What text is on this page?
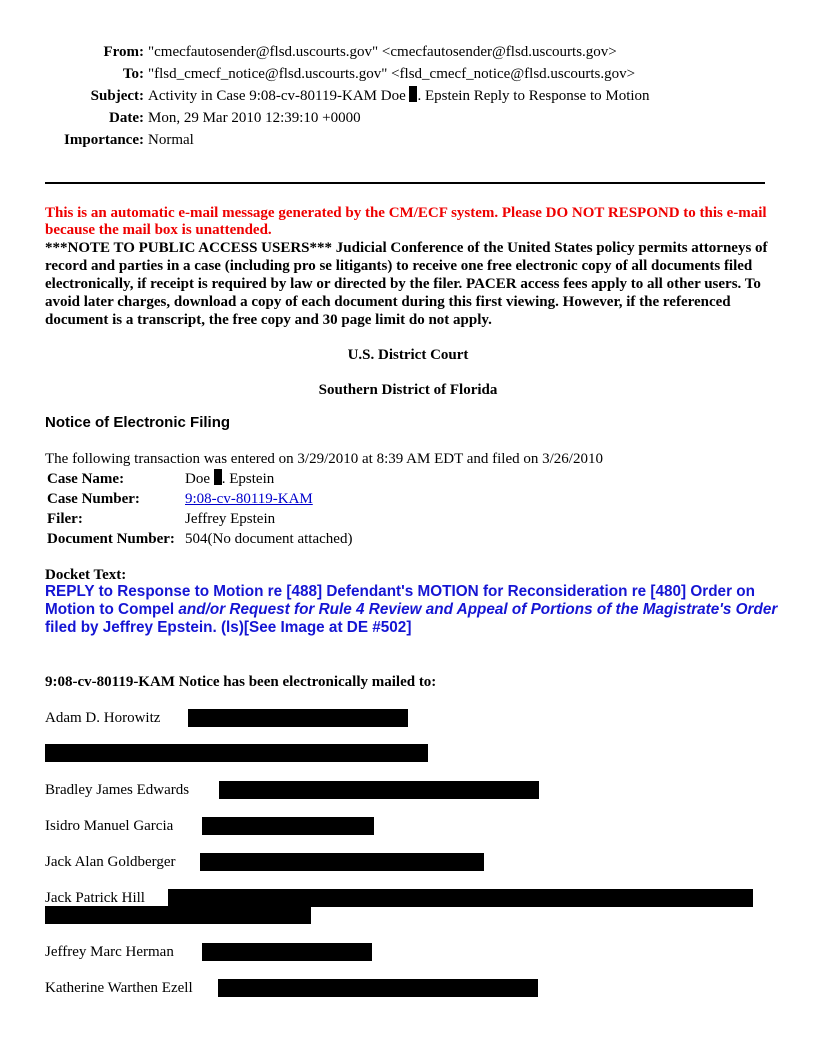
From: "cmecfautosender@flsd.uscourts.gov" <cmecfautosender@flsd.uscourts.gov>
To: "flsd_cmecf_notice@flsd.uscourts.gov" <flsd_cmecf_notice@flsd.uscourts.gov>
Subject: Activity in Case 9:08-cv-80119-KAM Doe . Epstein Reply to Response to Motion
Date: Mon, 29 Mar 2010 12:39:10 +0000
Importance: Normal
This is an automatic e-mail message generated by the CM/ECF system. Please DO NOT RESPOND to this e-mail because the mail box is unattended.
***NOTE TO PUBLIC ACCESS USERS*** Judicial Conference of the United States policy permits attorneys of record and parties in a case (including pro se litigants) to receive one free electronic copy of all documents filed electronically, if receipt is required by law or directed by the filer. PACER access fees apply to all other users. To avoid later charges, download a copy of each document during this first viewing. However, if the referenced document is a transcript, the free copy and 30 page limit do not apply.
U.S. District Court
Southern District of Florida
Notice of Electronic Filing
The following transaction was entered on 3/29/2010 at 8:39 AM EDT and filed on 3/26/2010
Case Name:	Doe . Epstein
Case Number:	9:08-cv-80119-KAM
Filer:	Jeffrey Epstein
Document Number: 504(No document attached)
Docket Text:
REPLY to Response to Motion re [488] Defendant's MOTION for Reconsideration re [480] Order on Motion to Compel and/or Request for Rule 4 Review and Appeal of Portions of the Magistrate's Order filed by Jeffrey Epstein. (ls)[See Image at DE #502]
9:08-cv-80119-KAM Notice has been electronically mailed to:
Adam D. Horowitz
Bradley James Edwards
Isidro Manuel Garcia
Jack Alan Goldberger
Jack Patrick Hill
Jeffrey Marc Herman
Katherine Warthen Ezell
